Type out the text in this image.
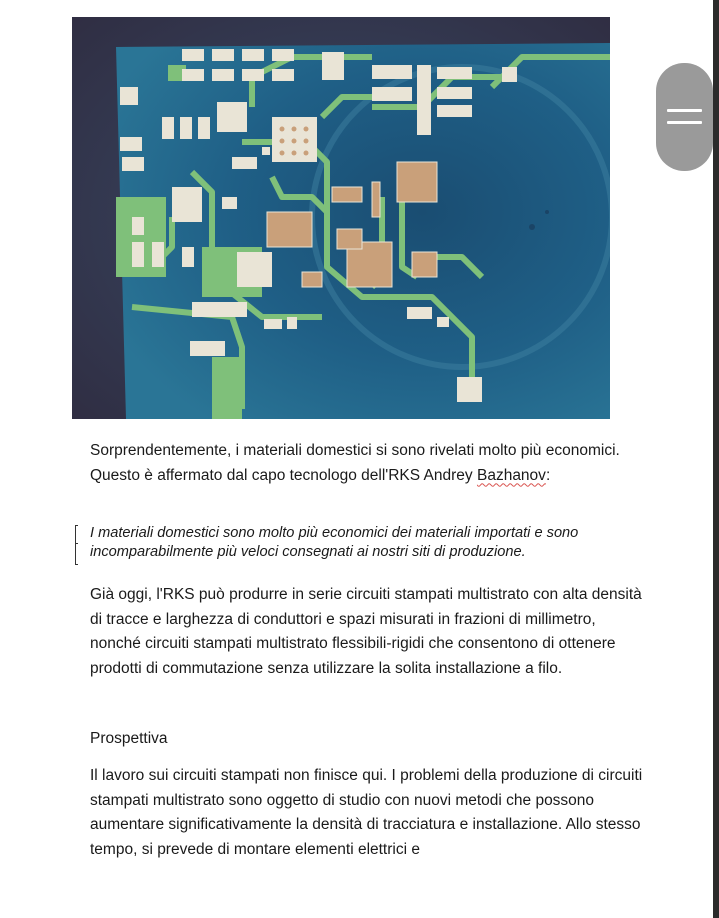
Sorprendentemente, i materiali domestici si sono rivelati molto più economici. Questo è affermato dal capo tecnologo dell'RKS Andrey Bazhanov:
I materiali domestici sono molto più economici dei materiali importati e sono incomparabilmente più veloci consegnati ai nostri siti di produzione.
Già oggi, l'RKS può produrre in serie circuiti stampati multistrato con alta densità di tracce e larghezza di conduttori e spazi misurati in frazioni di millimetro, nonché circuiti stampati multistrato flessibili-rigidi che consentono di ottenere prodotti di commutazione senza utilizzare la solita installazione a filo.
Prospettiva
Il lavoro sui circuiti stampati non finisce qui. I problemi della produzione di circuiti stampati multistrato sono oggetto di studio con nuovi metodi che possono aumentare significativamente la densità di tracciatura e installazione. Allo stesso tempo, si prevede di montare elementi elettrici e
